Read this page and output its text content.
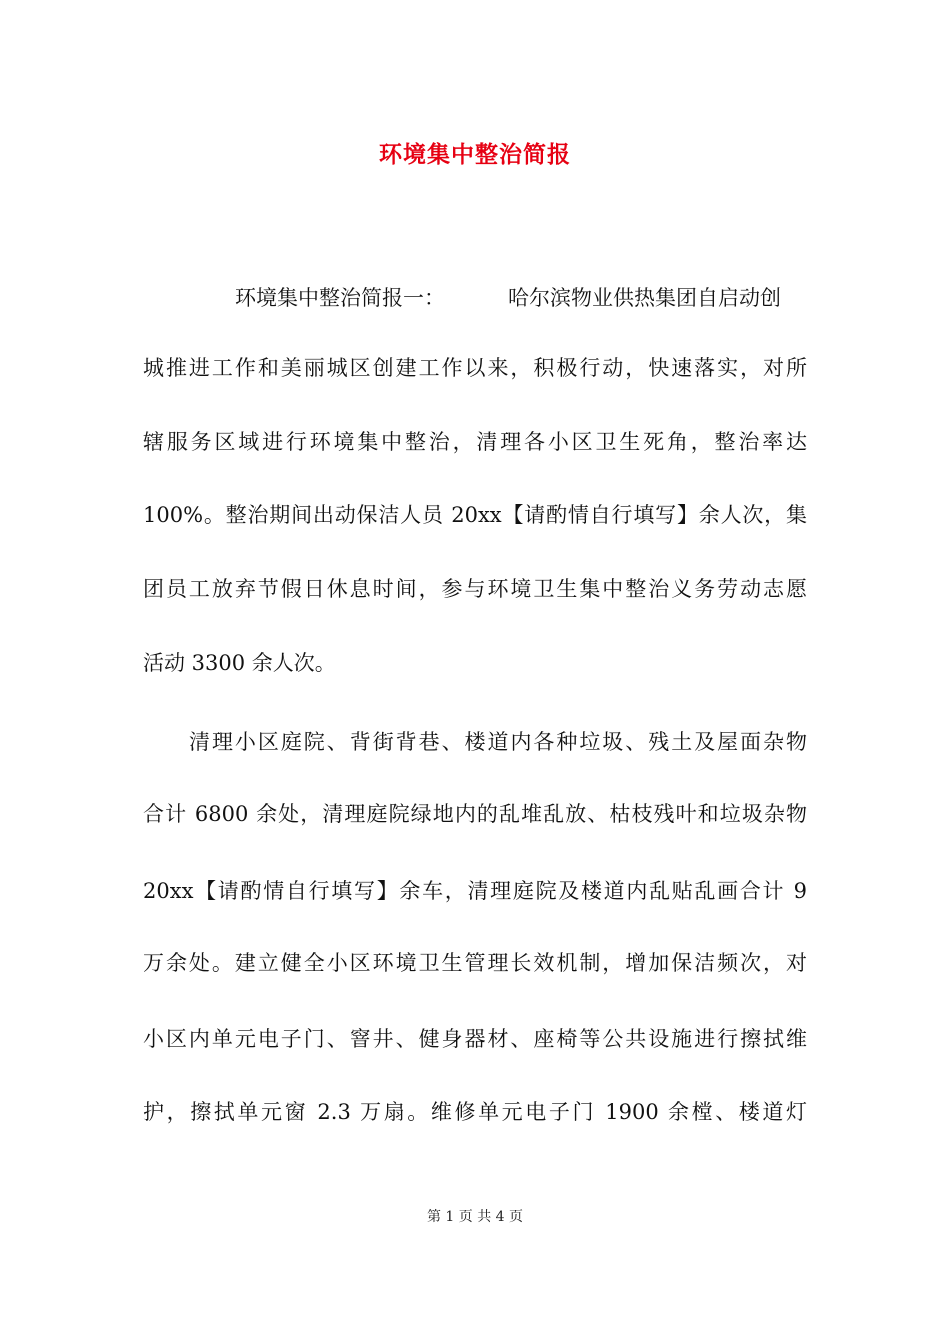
环境集中整治简报
环境集中整治简报一：	哈尔滨物业供热集团自启动创
城推进工作和美丽城区创建工作以来，积极行动，快速落实，对所
辖服务区域进行环境集中整治，清理各小区卫生死角，整治率达
100%。整治期间出动保洁人员 20xx【请酌情自行填写】余人次，集
团员工放弃节假日休息时间，参与环境卫生集中整治义务劳动志愿
活动 3300 余人次。
清理小区庭院、背街背巷、楼道内各种垃圾、残土及屋面杂物
合计 6800 余处，清理庭院绿地内的乱堆乱放、枯枝残叶和垃圾杂物
20xx【请酌情自行填写】余车，清理庭院及楼道内乱贴乱画合计 9
万余处。建立健全小区环境卫生管理长效机制，增加保洁频次，对
小区内单元电子门、窨井、健身器材、座椅等公共设施进行擦拭维
护，擦拭单元窗 2.3 万扇。维修单元电子门 1900 余樘、楼道灯
第 1 页 共 4 页
